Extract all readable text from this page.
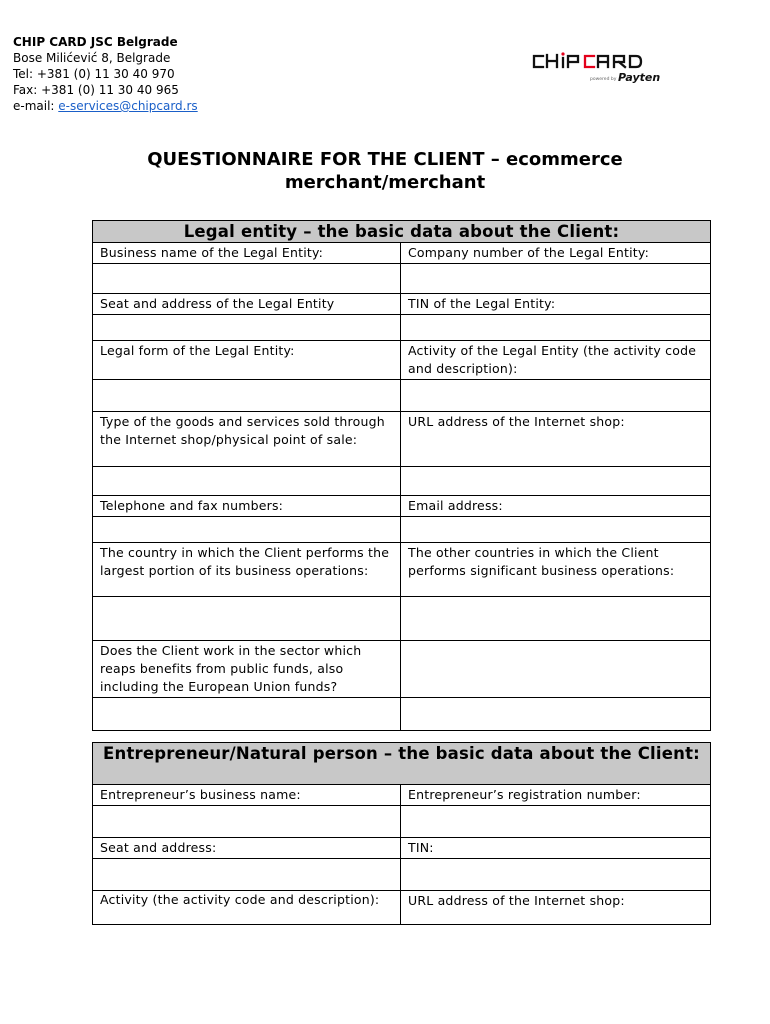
CHIP CARD JSC Belgrade
Bose Milićević 8, Belgrade
Tel: +381 (0) 11 30 40 970
Fax: +381 (0) 11 30 40 965
e-mail: e-services@chipcard.rs
powered by Payten
QUESTIONNAIRE FOR THE CLIENT – ecommerce merchant/merchant
Legal entity – the basic data about the Client:	
Business name of the Legal Entity:	Company number of the Legal Entity:

Seat and address of the Legal Entity	TIN of the Legal Entity:

Legal form of the Legal Entity:	Activity of the Legal Entity (the activity code and description):

Type of the goods and services sold through the Internet shop/physical point of sale:	URL address of the Internet shop:

Telephone and fax numbers:	Email address:

The country in which the Client performs the largest portion of its business operations:	The other countries in which the Client performs significant business operations:

Does the Client work in the sector which reaps benefits from public funds, also including the European Union funds?	

Entrepreneur/Natural person – the basic data about the Client:	
Entrepreneur’s business name:	Entrepreneur’s registration number:

Seat and address:	TIN:

Activity (the activity code and description):	URL address of the Internet shop:
